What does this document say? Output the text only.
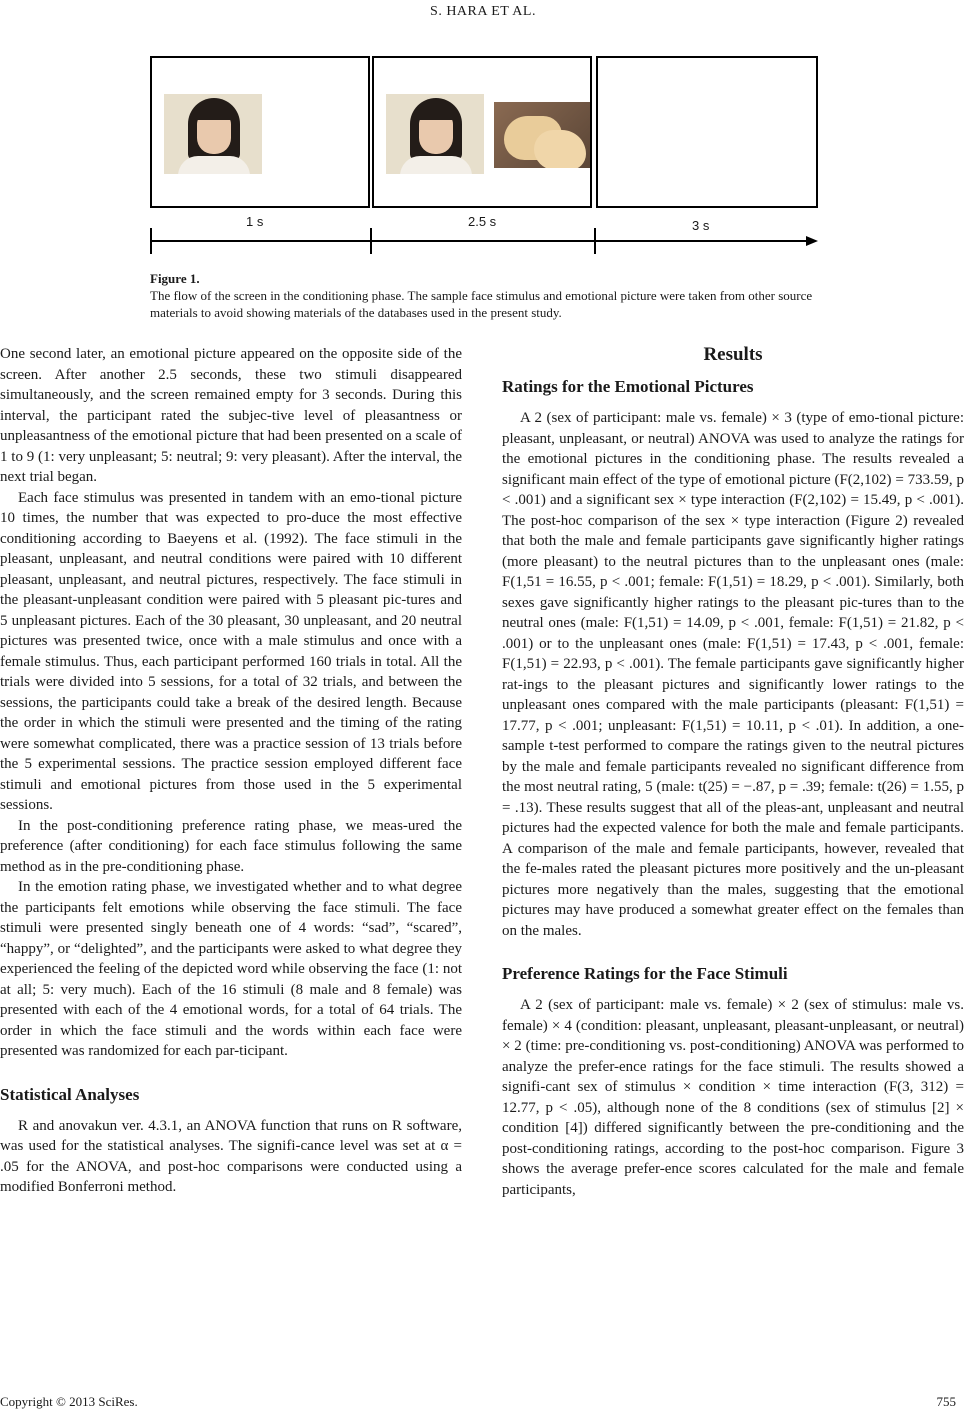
S. HARA ET AL.
1 s	2.5 s	3 s
Figure 1.
The flow of the screen in the conditioning phase. The sample face stimulus and emotional picture were taken from other source materials to avoid showing materials of the databases used in the present study.

One second later, an emotional picture appeared on the opposite side of the screen. After another 2.5 seconds, these two stimuli disappeared simultaneously, and the screen remained empty for 3 seconds. During this interval, the participant rated the subjec-tive level of pleasantness or unpleasantness of the emotional picture that had been presented on a scale of 1 to 9 (1: very unpleasant; 5: neutral; 9: very pleasant). After the interval, the next trial began.

Each face stimulus was presented in tandem with an emo-tional picture 10 times, the number that was expected to pro-duce the most effective conditioning according to Baeyens et al. (1992). The face stimuli in the pleasant, unpleasant, and neutral conditions were paired with 10 different pleasant, unpleasant, and neutral pictures, respectively. The face stimuli in the pleasant-unpleasant condition were paired with 5 pleasant pic-tures and 5 unpleasant pictures. Each of the 30 pleasant, 30 unpleasant, and 20 neutral pictures was presented twice, once with a male stimulus and once with a female stimulus. Thus, each participant performed 160 trials in total. All the trials were divided into 5 sessions, for a total of 32 trials, and between the sessions, the participants could take a break of the desired length. Because the order in which the stimuli were presented and the timing of the rating were somewhat complicated, there was a practice session of 13 trials before the 5 experimental sessions. The practice session employed different face stimuli and emotional pictures from those used in the 5 experimental sessions.

In the post-conditioning preference rating phase, we meas-ured the preference (after conditioning) for each face stimulus following the same method as in the pre-conditioning phase.

In the emotion rating phase, we investigated whether and to what degree the participants felt emotions while observing the face stimuli. The face stimuli were presented singly beneath one of 4 words: “sad”, “scared”, “happy”, or “delighted”, and the participants were asked to what degree they experienced the feeling of the depicted word while observing the face (1: not at all; 5: very much). Each of the 16 stimuli (8 male and 8 female) was presented with each of the 4 emotional words, for a total of 64 trials. The order in which the face stimuli and the words within each face were presented was randomized for each par-ticipant.

Statistical Analyses

R and anovakun ver. 4.3.1, an ANOVA function that runs on R software, was used for the statistical analyses. The signifi-cance level was set at α = .05 for the ANOVA, and post-hoc comparisons were conducted using a modified Bonferroni method.

Results
Ratings for the Emotional Pictures

A 2 (sex of participant: male vs. female) × 3 (type of emo-tional picture: pleasant, unpleasant, or neutral) ANOVA was used to analyze the ratings for the emotional pictures in the conditioning phase. The results revealed a significant main effect of the type of emotional picture (F(2,102) = 733.59, p < .001) and a significant sex × type interaction (F(2,102) = 15.49, p < .001). The post-hoc comparison of the sex × type interaction (Figure 2) revealed that both the male and female participants gave significantly higher ratings (more pleasant) to the neutral pictures than to the unpleasant ones (male: F(1,51 = 16.55, p < .001; female: F(1,51) = 18.29, p < .001). Similarly, both sexes gave significantly higher ratings to the pleasant pic-tures than to the neutral ones (male: F(1,51) = 14.09, p < .001, female: F(1,51) = 21.82, p < .001) or to the unpleasant ones (male: F(1,51) = 17.43, p < .001, female: F(1,51) = 22.93, p < .001). The female participants gave significantly higher rat-ings to the pleasant pictures and significantly lower ratings to the unpleasant ones compared with the male participants (pleasant: F(1,51) = 17.77, p < .001; unpleasant: F(1,51) = 10.11, p < .01). In addition, a one-sample t-test performed to compare the ratings given to the neutral pictures by the male and female participants revealed no significant difference from the most neutral rating, 5 (male: t(25) = −.87, p = .39; female: t(26) = 1.55, p = .13). These results suggest that all of the pleas-ant, unpleasant and neutral pictures had the expected valence for both the male and female participants. A comparison of the male and female participants, however, revealed that the fe-males rated the pleasant pictures more positively and the un-pleasant pictures more negatively than the males, suggesting that the emotional pictures may have produced a somewhat greater effect on the females than on the males.

Preference Ratings for the Face Stimuli

A 2 (sex of participant: male vs. female) × 2 (sex of stimulus: male vs. female) × 4 (condition: pleasant, unpleasant, pleasant-unpleasant, or neutral) × 2 (time: pre-conditioning vs. post-conditioning) ANOVA was performed to analyze the prefer-ence ratings for the face stimuli. The results showed a signifi-cant sex of stimulus × condition × time interaction (F(3, 312) = 12.77, p < .05), although none of the 8 conditions (sex of stimulus [2] × condition [4]) differed significantly between the pre-conditioning and the post-conditioning ratings, according to the post-hoc comparison. Figure 3 shows the average prefer-ence scores calculated for the male and female participants,

Copyright © 2013 SciRes.	755
